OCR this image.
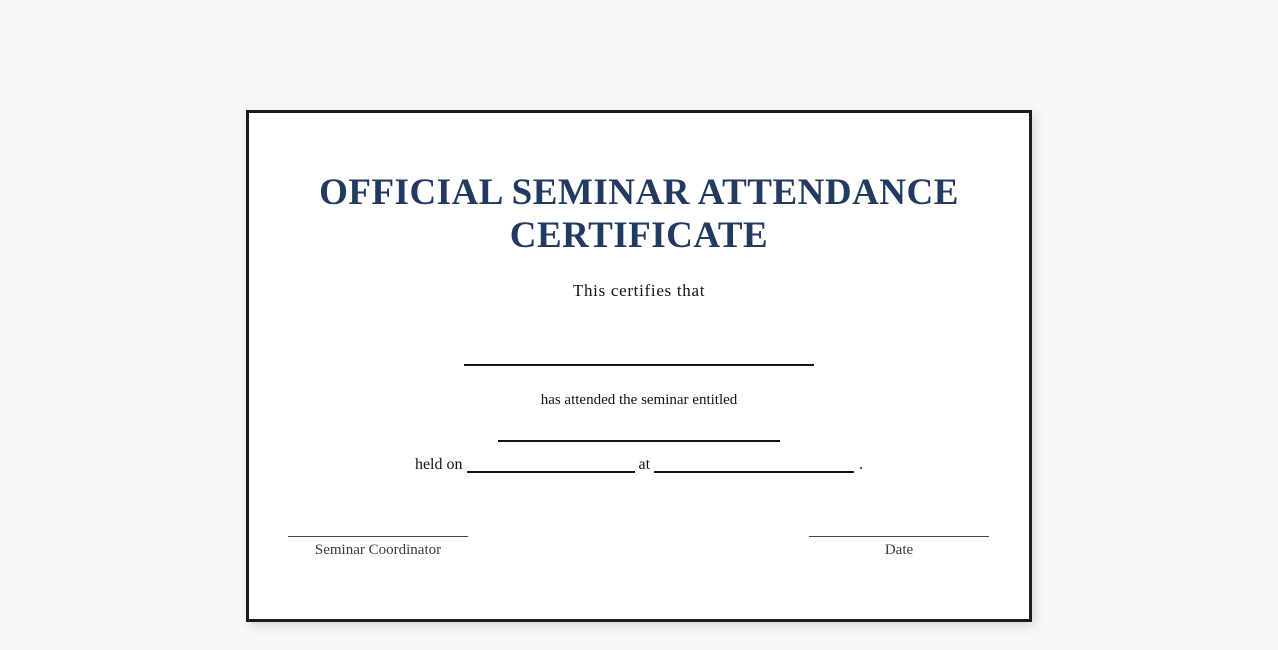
OFFICIAL SEMINAR ATTENDANCE CERTIFICATE

This certifies that

has attended the seminar entitled

held on	at	.

Seminar Coordinator	Date
